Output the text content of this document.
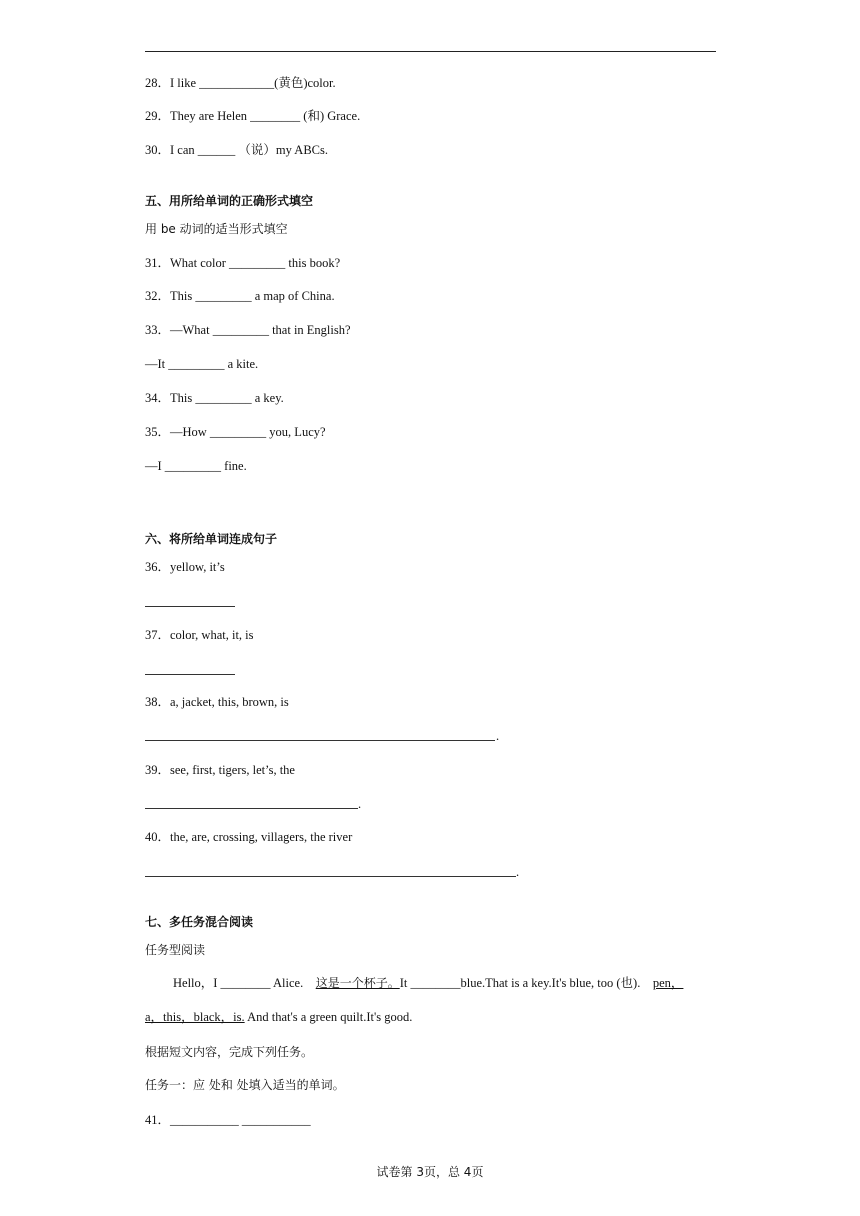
28．I like ____________(黄色)color.
29．They are Helen ________ (和) Grace.
30．I can ______ （说）my ABCs.
五、用所给单词的正确形式填空
用 be 动词的适当形式填空
31．What color _________ this book?
32．This _________ a map of China.
33．—What _________ that in English?
—It _________ a kite.
34．This _________ a key.
35．—How _________ you, Lucy?
—I _________ fine.
六、将所给单词连成句子
36．yellow, it’s
37．color, what, it, is
38．a, jacket, this, brown, is
.
39．see, first, tigers, let’s, the
.
40．the, are, crossing, villagers, the river
.
七、多任务混合阅读
任务型阅读
Hello，I ________ Alice. 这是一个杯子。It ________blue.That is a key.It's blue, too (也). pen，
a，this，black，is. And that's a green quilt.It's good.
根据短文内容，完成下列任务。
任务一：应 处和 处填入适当的单词。
41．___________ ___________
试卷第 3页，总 4页
